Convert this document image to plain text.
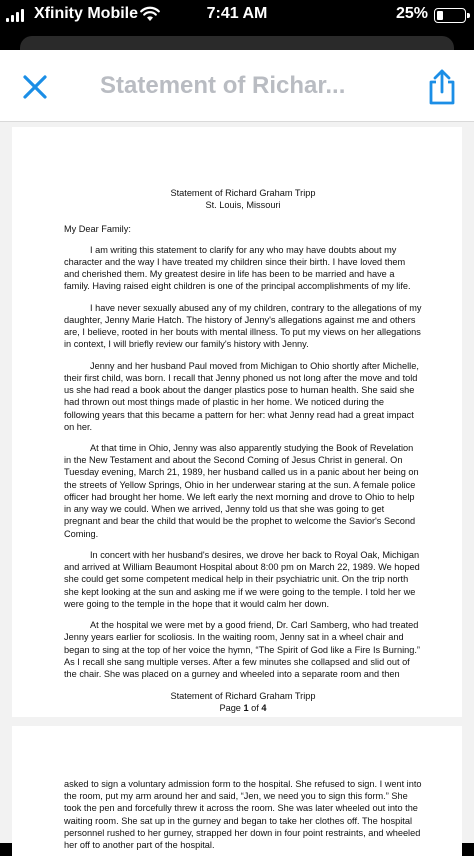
Xfinity Mobile	7:41 AM	25%
Statement of Richar...
Statement of Richard Graham Tripp
St. Louis, Missouri
My Dear Family:

I am writing this statement to clarify for any who may have doubts about my character and the way I have treated my children since their birth. I have loved them and cherished them. My greatest desire in life has been to be married and have a family. Having raised eight children is one of the principal accomplishments of my life.

I have never sexually abused any of my children, contrary to the allegations of my daughter, Jenny Marie Hatch. The history of Jenny's allegations against me and others are, I believe, rooted in her bouts with mental illness. To put my views on her allegations in context, I will briefly review our family's history with Jenny.

Jenny and her husband Paul moved from Michigan to Ohio shortly after Michelle, their first child, was born. I recall that Jenny phoned us not long after the move and told us she had read a book about the danger plastics pose to human health. She said she had thrown out most things made of plastic in her home. We noticed during the following years that this became a pattern for her: what Jenny read had a great impact on her.

At that time in Ohio, Jenny was also apparently studying the Book of Revelation in the New Testament and about the Second Coming of Jesus Christ in general. On Tuesday evening, March 21, 1989, her husband called us in a panic about her being on the streets of Yellow Springs, Ohio in her underwear staring at the sun. A female police officer had brought her home. We left early the next morning and drove to Ohio to help in any way we could. When we arrived, Jenny told us that she was going to get pregnant and bear the child that would be the prophet to welcome the Savior's Second Coming.

In concert with her husband's desires, we drove her back to Royal Oak, Michigan and arrived at William Beaumont Hospital about 8:00 pm on March 22, 1989. We hoped she could get some competent medical help in their psychiatric unit. On the trip north she kept looking at the sun and asking me if we were going to the temple. I told her we were going to the temple in the hope that it would calm her down.

At the hospital we were met by a good friend, Dr. Carl Samberg, who had treated Jenny years earlier for scoliosis. In the waiting room, Jenny sat in a wheel chair and began to sing at the top of her voice the hymn, “The Spirit of God like a Fire Is Burning.” As I recall she sang multiple verses. After a few minutes she collapsed and slid out of the chair. She was placed on a gurney and wheeled into a separate room and then

Statement of Richard Graham Tripp
Page 1 of 4

asked to sign a voluntary admission form to the hospital. She refused to sign. I went into the room, put my arm around her and said, “Jen, we need you to sign this form.” She took the pen and forcefully threw it across the room. She was later wheeled out into the waiting room. She sat up in the gurney and began to take her clothes off. The hospital personnel rushed to her gurney, strapped her down in four point restraints, and wheeled her off to another part of the hospital.
